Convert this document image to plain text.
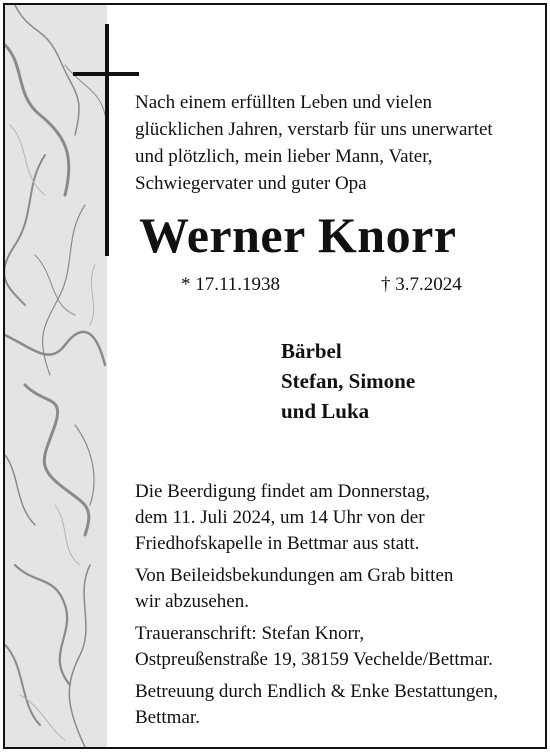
Nach einem erfüllten Leben und vielen
glücklichen Jahren, verstarb für uns unerwartet
und plötzlich, mein lieber Mann, Vater,
Schwiegervater und guter Opa
Werner Knorr
* 17.11.1938	† 3.7.2024
Bärbel
Stefan, Simone
und Luka

Die Beerdigung findet am Donnerstag,
dem 11. Juli 2024, um 14 Uhr von der
Friedhofskapelle in Bettmar aus statt.

Von Beileidsbekundungen am Grab bitten
wir abzusehen.

Traueranschrift: Stefan Knorr,
Ostpreußenstraße 19, 38159 Vechelde/Bettmar.

Betreuung durch Endlich & Enke Bestattungen,
Bettmar.
